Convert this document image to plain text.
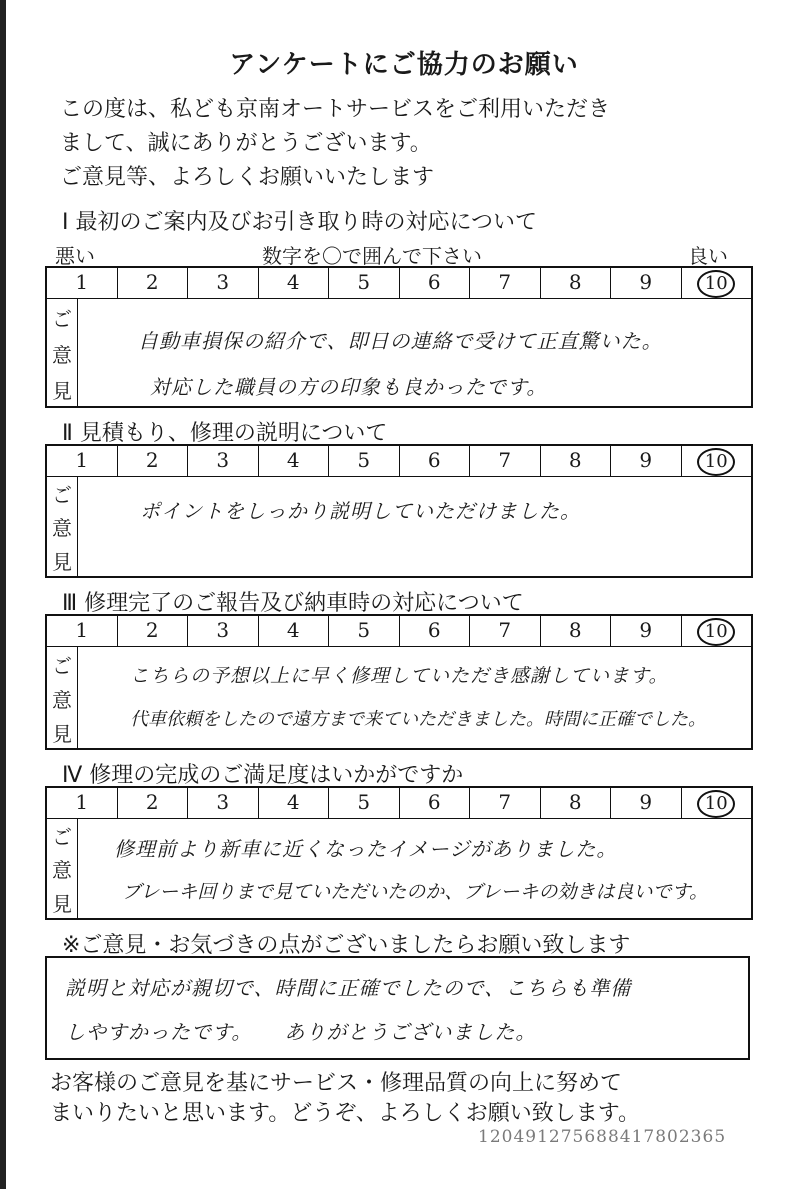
アンケートにご協力のお願い
この度は、私ども京南オートサービスをご利用いただき
まして、誠にありがとうございます。
ご意見等、よろしくお願いいたします
Ⅰ 最初のご案内及びお引き取り時の対応について
悪い	数字を〇で囲んで下さい	良い
1	2	3	4	5	6	7	8	9	10
ご
意
見
自動車損保の紹介で、即日の連絡で受けて正直驚いた。
対応した職員の方の印象も良かったです。
Ⅱ 見積もり、修理の説明について
1	2	3	4	5	6	7	8	9	10
ご
意
見
ポイントをしっかり説明していただけました。
Ⅲ 修理完了のご報告及び納車時の対応について
1	2	3	4	5	6	7	8	9	10
ご
意
見
こちらの予想以上に早く修理していただき感謝しています。
代車依頼をしたので遠方まで来ていただきました。時間に正確でした。
Ⅳ 修理の完成のご満足度はいかがですか
1	2	3	4	5	6	7	8	9	10
ご
意
見
修理前より新車に近くなったイメージがありました。
ブレーキ回りまで見ていただいたのか、ブレーキの効きは良いです。
※ご意見・お気づきの点がございましたらお願い致します
説明と対応が親切で、時間に正確でしたので、こちらも準備
しやすかったです。　　ありがとうございました。
お客様のご意見を基にサービス・修理品質の向上に努めて
まいりたいと思います。どうぞ、よろしくお願い致します。
120491275688417802365
